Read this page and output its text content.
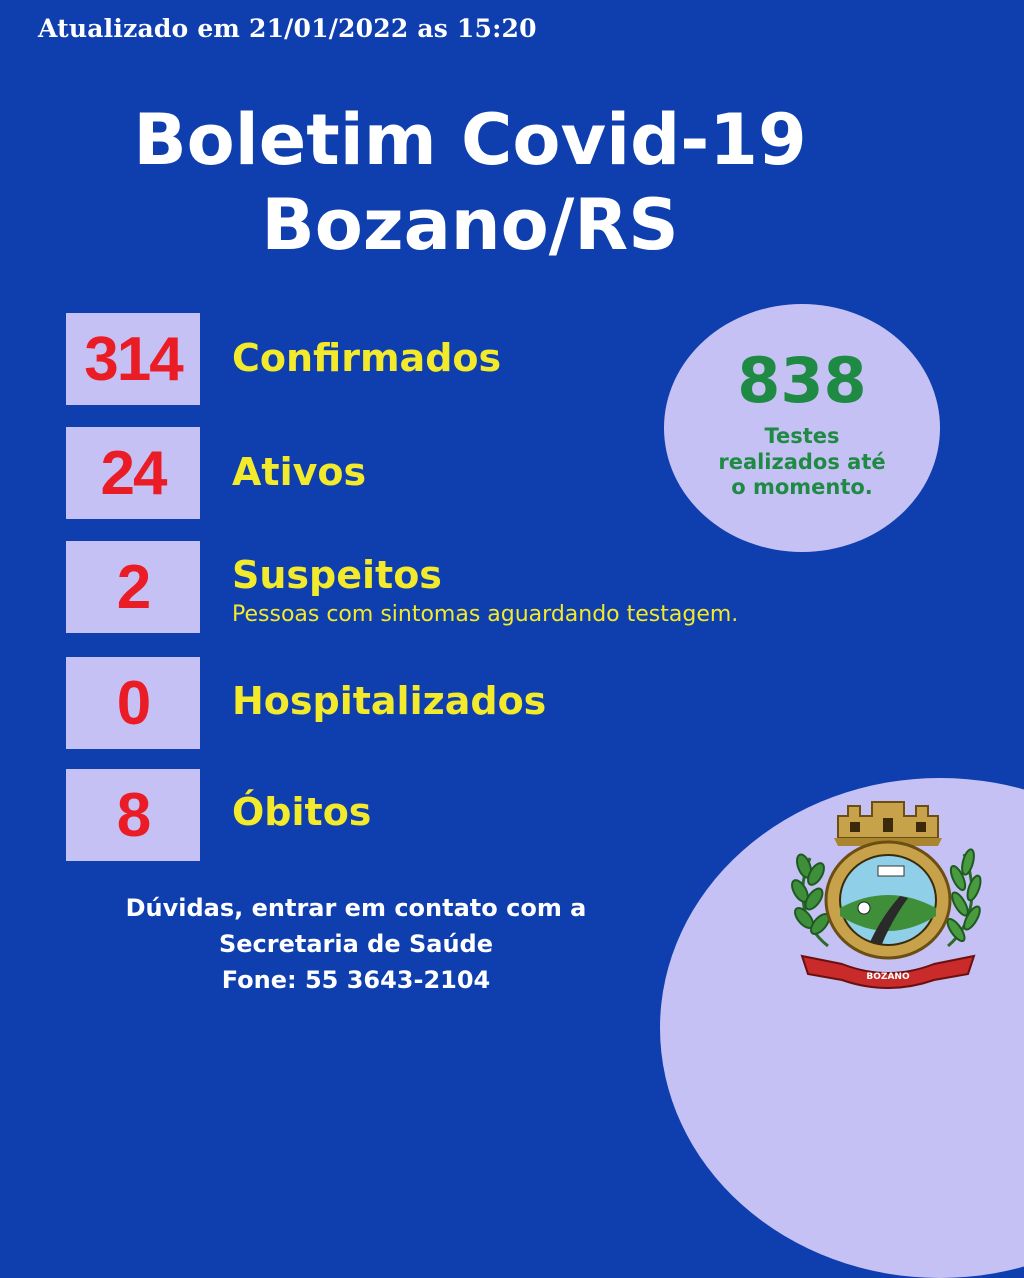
Atualizado em 21/01/2022 as 15:20
Boletim Covid-19
Bozano/RS
314	Confirmados
24	Ativos
2	Suspeitos
Pessoas com sintomas aguardando testagem.
0	Hospitalizados
8	Óbitos
838
Testes
realizados até
o momento.
Dúvidas, entrar em contato com a
Secretaria de Saúde
Fone: 55 3643-2104	BOZANO
